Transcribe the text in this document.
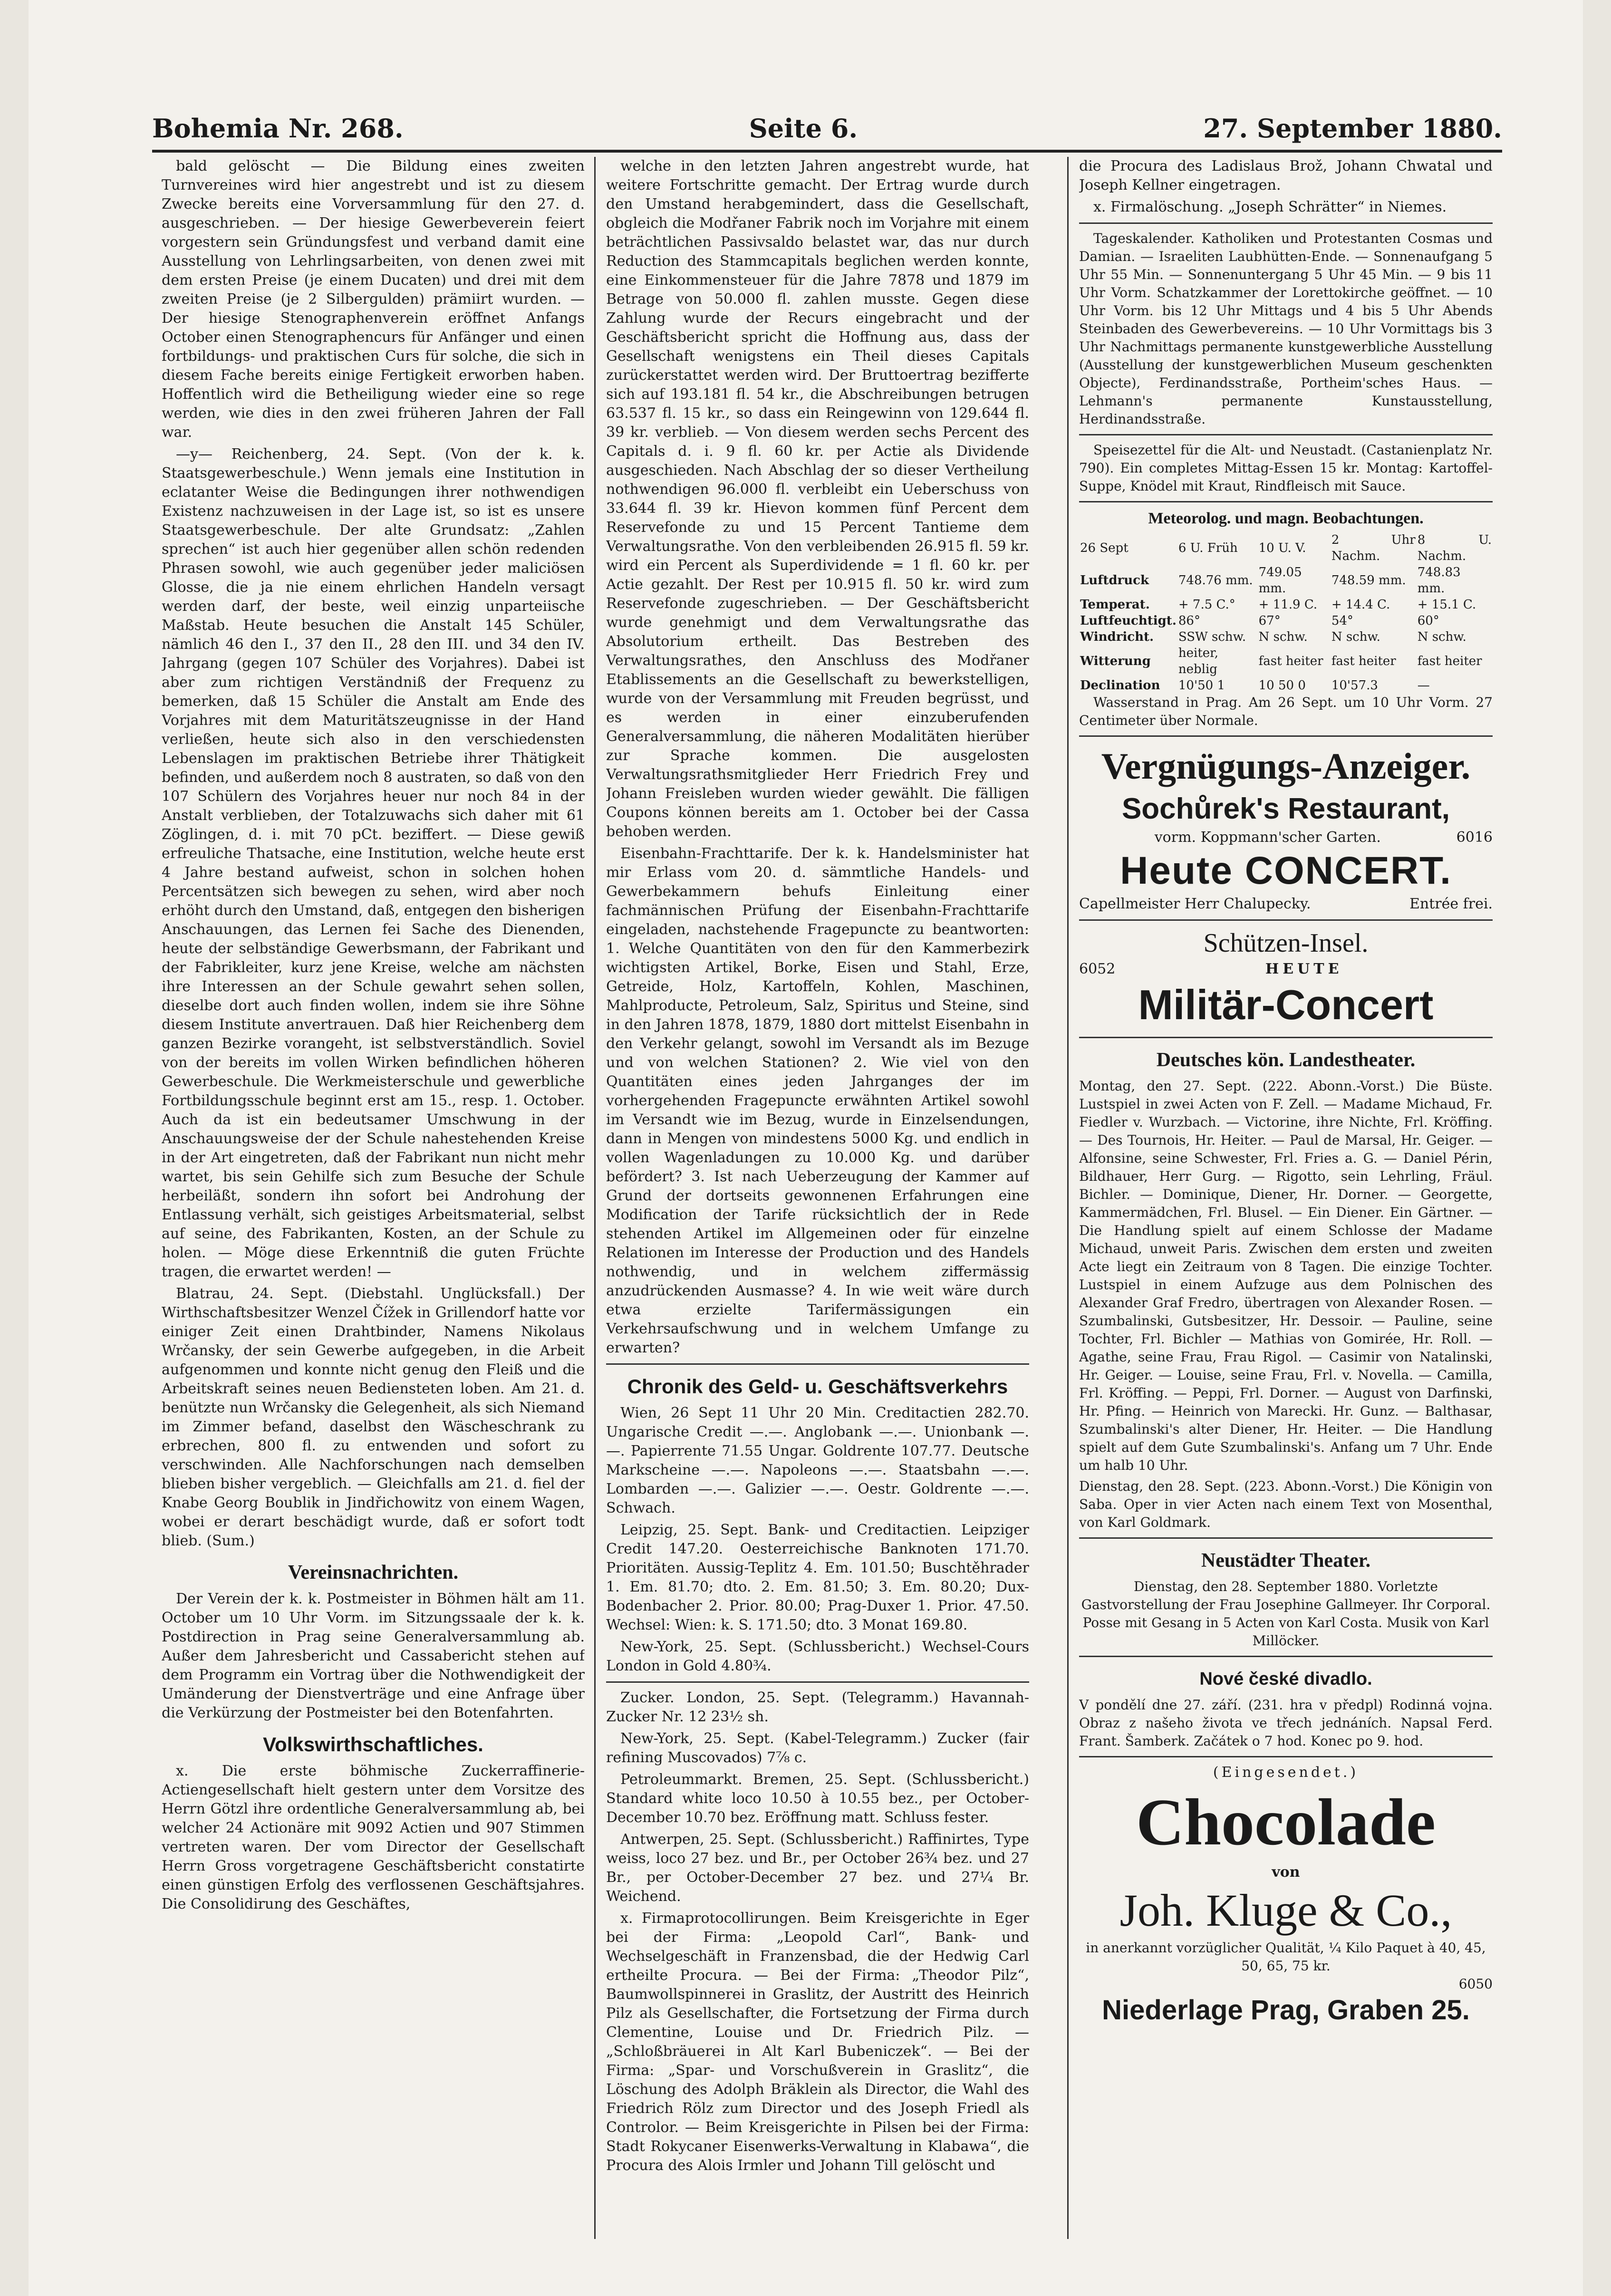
Bohemia Nr. 268.	Seite 6.	27. September 1880.

bald gelöscht — Die Bildung eines zweiten Turnvereines wird hier angestrebt und ist zu diesem Zwecke bereits eine Vorversammlung für den 27. d. ausgeschrieben. — Der hiesige Gewerbeverein feiert vorgestern sein Gründungsfest und verband damit eine Ausstellung von Lehrlingsarbeiten, von denen zwei mit dem ersten Preise (je einem Ducaten) und drei mit dem zweiten Preise (je 2 Silbergulden) prämiirt wurden. — Der hiesige Stenographenverein eröffnet Anfangs October einen Stenographencurs für Anfänger und einen fortbildungs- und praktischen Curs für solche, die sich in diesem Fache bereits einige Fertigkeit erworben haben. Hoffentlich wird die Betheiligung wieder eine so rege werden, wie dies in den zwei früheren Jahren der Fall war.

—y— Reichenberg, 24. Sept. (Von der k. k. Staatsgewerbeschule.) Wenn jemals eine Institution in eclatanter Weise die Bedingungen ihrer nothwendigen Existenz nachzuweisen in der Lage ist, so ist es unsere Staatsgewerbeschule. Der alte Grundsatz: „Zahlen sprechen“ ist auch hier gegenüber allen schön redenden Phrasen sowohl, wie auch gegenüber jeder maliciösen Glosse, die ja nie einem ehrlichen Handeln versagt werden darf, der beste, weil einzig unparteiische Maßstab. Heute besuchen die Anstalt 145 Schüler, nämlich 46 den I., 37 den II., 28 den III. und 34 den IV. Jahrgang (gegen 107 Schüler des Vorjahres). Dabei ist aber zum richtigen Verständniß der Frequenz zu bemerken, daß 15 Schüler die Anstalt am Ende des Vorjahres mit dem Maturitätszeugnisse in der Hand verließen, heute sich also in den verschiedensten Lebenslagen im praktischen Betriebe ihrer Thätigkeit befinden, und außerdem noch 8 austraten, so daß von den 107 Schülern des Vorjahres heuer nur noch 84 in der Anstalt verblieben, der Totalzuwachs sich daher mit 61 Zöglingen, d. i. mit 70 pCt. beziffert. — Diese gewiß erfreuliche Thatsache, eine Institution, welche heute erst 4 Jahre bestand aufweist, schon in solchen hohen Percentsätzen sich bewegen zu sehen, wird aber noch erhöht durch den Umstand, daß, entgegen den bisherigen Anschauungen, das Lernen fei Sache des Dienenden, heute der selbständige Gewerbsmann, der Fabrikant und der Fabrikleiter, kurz jene Kreise, welche am nächsten ihre Interessen an der Schule gewahrt sehen sollen, dieselbe dort auch finden wollen, indem sie ihre Söhne diesem Institute anvertrauen. Daß hier Reichenberg dem ganzen Bezirke vorangeht, ist selbstverständlich. Soviel von der bereits im vollen Wirken befindlichen höheren Gewerbeschule. Die Werkmeisterschule und gewerbliche Fortbildungsschule beginnt erst am 15., resp. 1. October. Auch da ist ein bedeutsamer Umschwung in der Anschauungsweise der der Schule nahestehenden Kreise in der Art eingetreten, daß der Fabrikant nun nicht mehr wartet, bis sein Gehilfe sich zum Besuche der Schule herbeiläßt, sondern ihn sofort bei Androhung der Entlassung verhält, sich geistiges Arbeitsmaterial, selbst auf seine, des Fabrikanten, Kosten, an der Schule zu holen. — Möge diese Erkenntniß die guten Früchte tragen, die erwartet werden! —

Blatrau, 24. Sept. (Diebstahl. Unglücksfall.) Der Wirthschaftsbesitzer Wenzel Čížek in Grillendorf hatte vor einiger Zeit einen Drahtbinder, Namens Nikolaus Wrčansky, der sein Gewerbe aufgegeben, in die Arbeit aufgenommen und konnte nicht genug den Fleiß und die Arbeitskraft seines neuen Bediensteten loben. Am 21. d. benützte nun Wrčansky die Gelegenheit, als sich Niemand im Zimmer befand, daselbst den Wäscheschrank zu erbrechen, 800 fl. zu entwenden und sofort zu verschwinden. Alle Nachforschungen nach demselben blieben bisher vergeblich. — Gleichfalls am 21. d. fiel der Knabe Georg Boublik in Jindřichowitz von einem Wagen, wobei er derart beschädigt wurde, daß er sofort todt blieb. (Sum.)

Vereinsnachrichten.

Der Verein der k. k. Postmeister in Böhmen hält am 11. October um 10 Uhr Vorm. im Sitzungssaale der k. k. Postdirection in Prag seine Generalversammlung ab. Außer dem Jahresbericht und Cassabericht stehen auf dem Programm ein Vortrag über die Nothwendigkeit der Umänderung der Dienstverträge und eine Anfrage über die Verkürzung der Postmeister bei den Botenfahrten.

Volkswirthschaftliches.

x. Die erste böhmische Zuckerraffinerie-Actiengesellschaft hielt gestern unter dem Vorsitze des Herrn Götzl ihre ordentliche Generalversammlung ab, bei welcher 24 Actionäre mit 9092 Actien und 907 Stimmen vertreten waren. Der vom Director der Gesellschaft Herrn Gross vorgetragene Geschäftsbericht constatirte einen günstigen Erfolg des verflossenen Geschäftsjahres. Die Consolidirung des Geschäftes,

welche in den letzten Jahren angestrebt wurde, hat weitere Fortschritte gemacht. Der Ertrag wurde durch den Umstand herabgemindert, dass die Gesellschaft, obgleich die Modřaner Fabrik noch im Vorjahre mit einem beträchtlichen Passivsaldo belastet war, das nur durch Reduction des Stammcapitals beglichen werden konnte, eine Einkommensteuer für die Jahre 7878 und 1879 im Betrage von 50.000 fl. zahlen musste. Gegen diese Zahlung wurde der Recurs eingebracht und der Geschäftsbericht spricht die Hoffnung aus, dass der Gesellschaft wenigstens ein Theil dieses Capitals zurückerstattet werden wird. Der Bruttoertrag bezifferte sich auf 193.181 fl. 54 kr., die Abschreibungen betrugen 63.537 fl. 15 kr., so dass ein Reingewinn von 129.644 fl. 39 kr. verblieb. — Von diesem werden sechs Percent des Capitals d. i. 9 fl. 60 kr. per Actie als Dividende ausgeschieden. Nach Abschlag der so dieser Vertheilung nothwendigen 96.000 fl. verbleibt ein Ueberschuss von 33.644 fl. 39 kr. Hievon kommen fünf Percent dem Reservefonde zu und 15 Percent Tantieme dem Verwaltungsrathe. Von den verbleibenden 26.915 fl. 59 kr. wird ein Percent als Superdividende = 1 fl. 60 kr. per Actie gezahlt. Der Rest per 10.915 fl. 50 kr. wird zum Reservefonde zugeschrieben. — Der Geschäftsbericht wurde genehmigt und dem Verwaltungsrathe das Absolutorium ertheilt. Das Bestreben des Verwaltungsrathes, den Anschluss des Modřaner Etablissements an die Gesellschaft zu bewerkstelligen, wurde von der Versammlung mit Freuden begrüsst, und es werden in einer einzuberufenden Generalversammlung, die näheren Modalitäten hierüber zur Sprache kommen. Die ausgelosten Verwaltungsrathsmitglieder Herr Friedrich Frey und Johann Freisleben wurden wieder gewählt. Die fälligen Coupons können bereits am 1. October bei der Cassa behoben werden.

Eisenbahn-Frachttarife. Der k. k. Handelsminister hat mir Erlass vom 20. d. sämmtliche Handels- und Gewerbekammern behufs Einleitung einer fachmännischen Prüfung der Eisenbahn-Frachttarife eingeladen, nachstehende Fragepuncte zu beantworten: 1. Welche Quantitäten von den für den Kammerbezirk wichtigsten Artikel, Borke, Eisen und Stahl, Erze, Getreide, Holz, Kartoffeln, Kohlen, Maschinen, Mahlproducte, Petroleum, Salz, Spiritus und Steine, sind in den Jahren 1878, 1879, 1880 dort mittelst Eisenbahn in den Verkehr gelangt, sowohl im Versandt als im Bezuge und von welchen Stationen? 2. Wie viel von den Quantitäten eines jeden Jahrganges der im vorhergehenden Fragepuncte erwähnten Artikel sowohl im Versandt wie im Bezug, wurde in Einzelsendungen, dann in Mengen von mindestens 5000 Kg. und endlich in vollen Wagenladungen zu 10.000 Kg. und darüber befördert? 3. Ist nach Ueberzeugung der Kammer auf Grund der dortseits gewonnenen Erfahrungen eine Modification der Tarife rücksichtlich der in Rede stehenden Artikel im Allgemeinen oder für einzelne Relationen im Interesse der Production und des Handels nothwendig, und in welchem ziffermässig anzudrückenden Ausmasse? 4. In wie weit wäre durch etwa erzielte Tarifermässigungen ein Verkehrsaufschwung und in welchem Umfange zu erwarten?

Chronik des Geld- u. Geschäftsverkehrs

Wien, 26 Sept 11 Uhr 20 Min. Creditactien 282.70. Ungarische Credit —.—. Anglobank —.—. Unionbank —.—. Papierrente 71.55 Ungar. Goldrente 107.77. Deutsche Markscheine —.—. Napoleons —.—. Staatsbahn —.—. Lombarden —.—. Galizier —.—. Oestr. Goldrente —.—. Schwach.

Leipzig, 25. Sept. Bank- und Creditactien. Leipziger Credit 147.20. Oesterreichische Banknoten 171.70. Prioritäten. Aussig-Teplitz 4. Em. 101.50; Buschtěhrader 1. Em. 81.70; dto. 2. Em. 81.50; 3. Em. 80.20; Dux-Bodenbacher 2. Prior. 80.00; Prag-Duxer 1. Prior. 47.50. Wechsel: Wien: k. S. 171.50; dto. 3 Monat 169.80.

New-York, 25. Sept. (Schlussbericht.) Wechsel-Cours London in Gold 4.80¾.

Zucker. London, 25. Sept. (Telegramm.) Havannah-Zucker Nr. 12 23½ sh.

New-York, 25. Sept. (Kabel-Telegramm.) Zucker (fair refining Muscovados) 7⅞ c.

Petroleummarkt. Bremen, 25. Sept. (Schlussbericht.) Standard white loco 10.50 à 10.55 bez., per October-December 10.70 bez. Eröffnung matt. Schluss fester.

Antwerpen, 25. Sept. (Schlussbericht.) Raffinirtes, Type weiss, loco 27 bez. und Br., per October 26¾ bez. und 27 Br., per October-December 27 bez. und 27¼ Br. Weichend.

x. Firmaprotocollirungen. Beim Kreisgerichte in Eger bei der Firma: „Leopold Carl“, Bank- und Wechselgeschäft in Franzensbad, die der Hedwig Carl ertheilte Procura. — Bei der Firma: „Theodor Pilz“, Baumwollspinnerei in Graslitz, der Austritt des Heinrich Pilz als Gesellschafter, die Fortsetzung der Firma durch Clementine, Louise und Dr. Friedrich Pilz. — „Schloßbräuerei in Alt Karl Bubeniczek“. — Bei der Firma: „Spar- und Vorschußverein in Graslitz“, die Löschung des Adolph Bräklein als Director, die Wahl des Friedrich Rölz zum Director und des Joseph Friedl als Controlor. — Beim Kreisgerichte in Pilsen bei der Firma: Stadt Rokycaner Eisenwerks-Verwaltung in Klabawa“, die Procura des Alois Irmler und Johann Till gelöscht und

die Procura des Ladislaus Brož, Johann Chwatal und Joseph Kellner eingetragen.

x. Firmalöschung. „Joseph Schrätter“ in Niemes.

Tageskalender. Katholiken und Protestanten Cosmas und Damian. — Israeliten Laubhütten-Ende. — Sonnenaufgang 5 Uhr 55 Min. — Sonnenuntergang 5 Uhr 45 Min. — 9 bis 11 Uhr Vorm. Schatzkammer der Lorettokirche geöffnet. — 10 Uhr Vorm. bis 12 Uhr Mittags und 4 bis 5 Uhr Abends Steinbaden des Gewerbevereins. — 10 Uhr Vormittags bis 3 Uhr Nachmittags permanente kunstgewerbliche Ausstellung (Ausstellung der kunstgewerblichen Museum geschenkten Objecte), Ferdinandsstraße, Portheim'sches Haus. — Lehmann's permanente Kunstausstellung, Herdinandsstraße.

Speisezettel für die Alt- und Neustadt. (Castanienplatz Nr. 790). Ein completes Mittag-Essen 15 kr. Montag: Kartoffel-Suppe, Knödel mit Kraut, Rindfleisch mit Sauce.

Meteorolog. und magn. Beobachtungen.
26 Sept	6 U. Früh	10 U. V.	2 Uhr Nachm.	8 U. Nachm.
Luftdruck	748.76 mm.	749.05 mm.	748.59 mm.	748.83 mm.
Temperat.	+ 7.5 C.°	+ 11.9 C.	+ 14.4 C.	+ 15.1 C.
Luftfeuchtigt.	86°	67°	54°	60°
Windricht.	SSW schw.	N schw.	N schw.	N schw.
Witterung	heiter, neblig	fast heiter	fast heiter	fast heiter
Declination	10'50 1	10 50 0	10'57.3	—

Wasserstand in Prag. Am 26 Sept. um 10 Uhr Vorm. 27 Centimeter über Normale.

Vergnügungs-Anzeiger.
Sochůrek's Restaurant,
vorm. Koppmann'scher Garten.	6016
Heute CONCERT.
Capellmeister Herr Chalupecky.	Entrée frei.
Schützen-Insel.
6052	HEUTE
Militär-Concert
Deutsches kön. Landestheater.

Montag, den 27. Sept. (222. Abonn.-Vorst.) Die Büste. Lustspiel in zwei Acten von F. Zell. — Madame Michaud, Fr. Fiedler v. Wurzbach. — Victorine, ihre Nichte, Frl. Kröffing. — Des Tournois, Hr. Heiter. — Paul de Marsal, Hr. Geiger. — Alfonsine, seine Schwester, Frl. Fries a. G. — Daniel Périn, Bildhauer, Herr Gurg. — Rigotto, sein Lehrling, Fräul. Bichler. — Dominique, Diener, Hr. Dorner. — Georgette, Kammermädchen, Frl. Blusel. — Ein Diener. Ein Gärtner. — Die Handlung spielt auf einem Schlosse der Madame Michaud, unweit Paris. Zwischen dem ersten und zweiten Acte liegt ein Zeitraum von 8 Tagen. Die einzige Tochter. Lustspiel in einem Aufzuge aus dem Polnischen des Alexander Graf Fredro, übertragen von Alexander Rosen. — Szumbalinski, Gutsbesitzer, Hr. Dessoir. — Pauline, seine Tochter, Frl. Bichler — Mathias von Gomirée, Hr. Roll. — Agathe, seine Frau, Frau Rigol. — Casimir von Natalinski, Hr. Geiger. — Louise, seine Frau, Frl. v. Novella. — Camilla, Frl. Kröffing. — Peppi, Frl. Dorner. — August von Darfinski, Hr. Pfing. — Heinrich von Marecki. Hr. Gunz. — Balthasar, Szumbalinski's alter Diener, Hr. Heiter. — Die Handlung spielt auf dem Gute Szumbalinski's. Anfang um 7 Uhr. Ende um halb 10 Uhr.

Dienstag, den 28. Sept. (223. Abonn.-Vorst.) Die Königin von Saba. Oper in vier Acten nach einem Text von Mosenthal, von Karl Goldmark.

Neustädter Theater.

Dienstag, den 28. September 1880. Vorletzte Gastvorstellung der Frau Josephine Gallmeyer. Ihr Corporal. Posse mit Gesang in 5 Acten von Karl Costa. Musik von Karl Millöcker.

Nové české divadlo.

V pondělí dne 27. září. (231. hra v předpl) Rodinná vojna. Obraz z našeho života ve třech jednáních. Napsal Ferd. Frant. Šamberk. Začátek o 7 hod. Konec po 9. hod.

(Eingesendet.)
Chocolade
von
Joh. Kluge & Co.,

in anerkannt vorzüglicher Qualität, ¼ Kilo Paquet à 40, 45, 50, 65, 75 kr.

6050
Niederlage Prag, Graben 25.
